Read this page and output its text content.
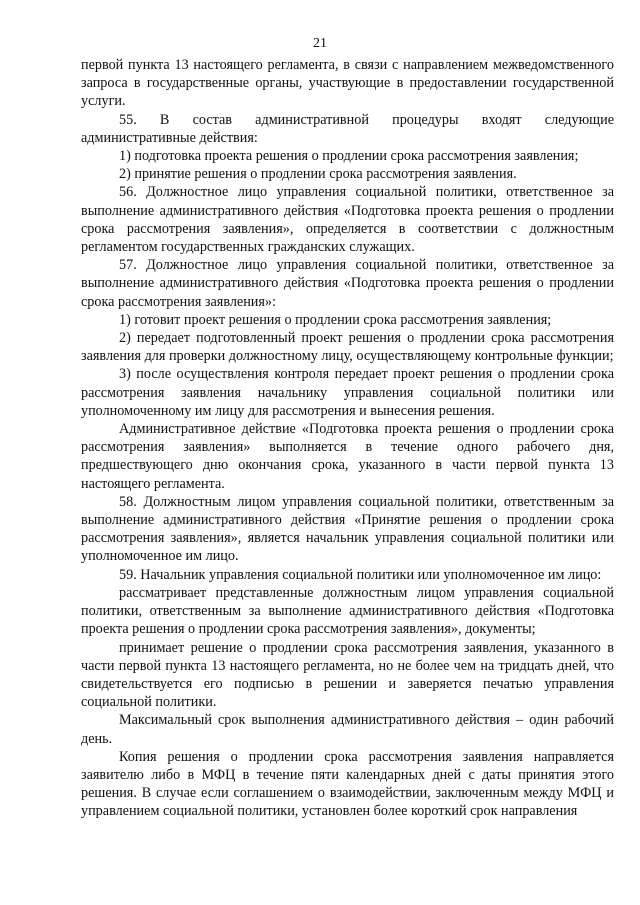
21

первой пункта 13 настоящего регламента, в связи с направлением межведомственного запроса в государственные органы, участвующие в предоставлении государственной услуги.

55. В состав административной процедуры входят следующие административные действия:

1) подготовка проекта решения о продлении срока рассмотрения заявления;

2) принятие решения о продлении срока рассмотрения заявления.

56. Должностное лицо управления социальной политики, ответственное за выполнение административного действия «Подготовка проекта решения о продлении срока рассмотрения заявления», определяется в соответствии с должностным регламентом государственных гражданских служащих.

57. Должностное лицо управления социальной политики, ответственное за выполнение административного действия «Подготовка проекта решения о продлении срока рассмотрения заявления»:

1) готовит проект решения о продлении срока рассмотрения заявления;

2) передает подготовленный проект решения о продлении срока рассмотрения заявления для проверки должностному лицу, осуществляющему контрольные функции;

3) после осуществления контроля передает проект решения о продлении срока рассмотрения заявления начальнику управления социальной политики или уполномоченному им лицу для рассмотрения и вынесения решения.

Административное действие «Подготовка проекта решения о продлении срока рассмотрения заявления» выполняется в течение одного рабочего дня, предшествующего дню окончания срока, указанного в части первой пункта 13 настоящего регламента.

58. Должностным лицом управления социальной политики, ответственным за выполнение административного действия «Принятие решения о продлении срока рассмотрения заявления», является начальник управления социальной политики или уполномоченное им лицо.

59. Начальник управления социальной политики или уполномоченное им лицо:

рассматривает представленные должностным лицом управления социальной политики, ответственным за выполнение административного действия «Подготовка проекта решения о продлении срока рассмотрения заявления», документы;

принимает решение о продлении срока рассмотрения заявления, указанного в части первой пункта 13 настоящего регламента, но не более чем на тридцать дней, что свидетельствуется его подписью в решении и заверяется печатью управления социальной политики.

Максимальный срок выполнения административного действия – один рабочий день.

Копия решения о продлении срока рассмотрения заявления направляется заявителю либо в МФЦ в течение пяти календарных дней с даты принятия этого решения. В случае если соглашением о взаимодействии, заключенным между МФЦ и управлением социальной политики, установлен более короткий срок направления
